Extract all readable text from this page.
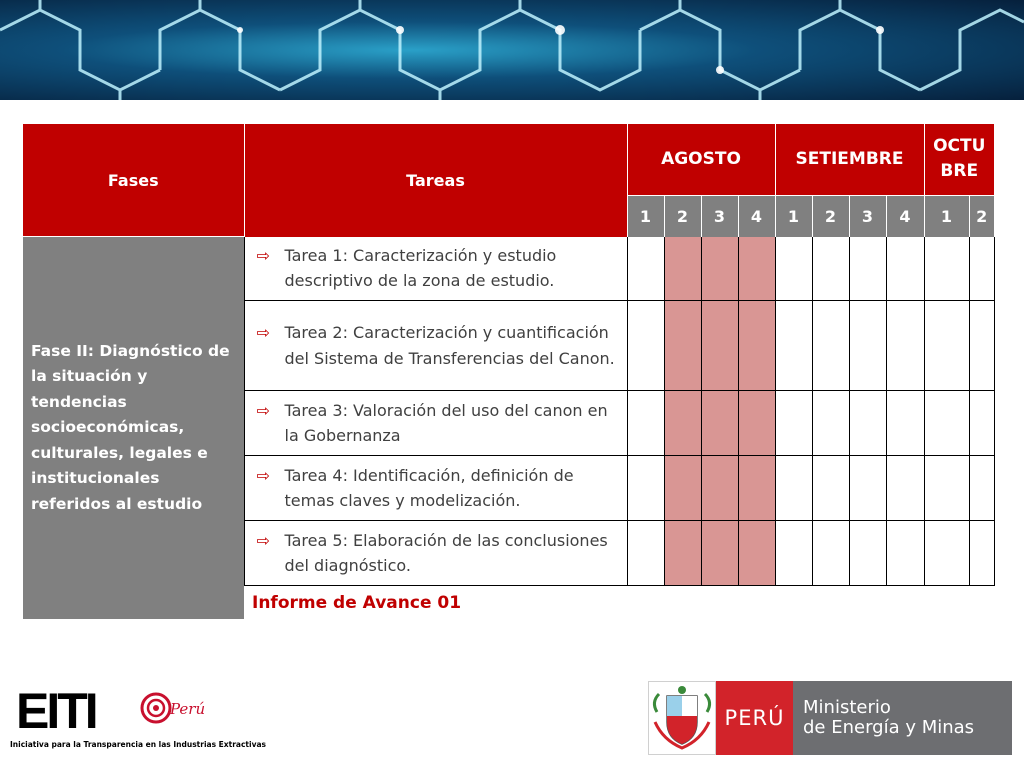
Fases	Tareas	AGOSTO				SETIEMBRE				OCTU
BRE	
		1	2	3	4	1	2	3	4	1	2
Fase II: Diagnóstico de la situación y tendencias socioeconómicas, culturales, legales e institucionales referidos al estudio	⇨ Tarea 1: Caracterización y estudio descriptivo de la zona de estudio.										

	⇨ Tarea 2: Caracterización y cuantificación del Sistema de Transferencias del Canon.										

	⇨ Tarea 3: Valoración del uso del canon en la Gobernanza										

	⇨ Tarea 4: Identificación, definición de temas claves y modelización.										

	⇨ Tarea 5: Elaboración de las conclusiones del diagnóstico.										

	Informe de Avance 01										
EITI	Perú
Iniciativa para la Transparencia en las Industrias Extractivas
PERÚ	Ministerio
de Energía y Minas
